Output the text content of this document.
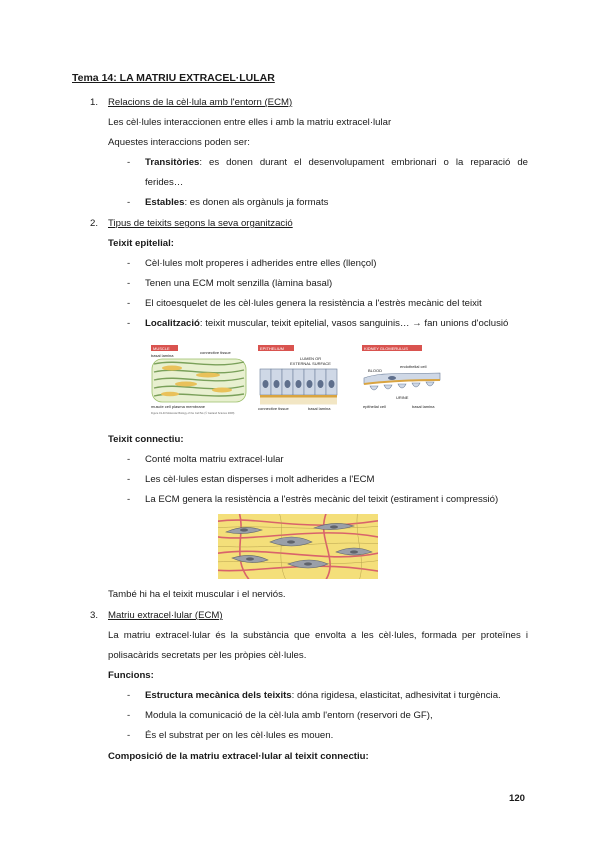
Tema 14: LA MATRIU EXTRACEL·LULAR
1. Relacions de la cèl·lula amb l'entorn (ECM)
Les cèl·lules interaccionen entre elles i amb la matriu extracel·lular
Aquestes interaccions poden ser:
- Transitòries: es donen durant el desenvolupament embrionari o la reparació de
ferides…
- Estables: es donen als orgànuls ja formats
2. Tipus de teixits segons la seva organització
Teixit epitelial:
- Cèl·lules molt properes i adherides entre elles (llençol)
- Tenen una ECM molt senzilla (làmina basal)
- El citoesquelet de les cèl·lules genera la resistència a l'estrès mecànic del teixit
- Localització: teixit muscular, teixit epitelial, vasos sanguinis… → fan unions d'oclusió
MUSCLE
basal lamina
connective tissue
muscle cell plasma membrane
Figure 19-40 Molecular Biology of the Cell 5/e (© Garland Science 2008)
EPITHELIUM
LUMEN OR
EXTERNAL SURFACE
connective tissue	basal lamina
KIDNEY GLOMERULUS
BLOOD
endothelial cell
URINE
epithelial cell	basal lamina
Teixit connectiu:
- Conté molta matriu extracel·lular
- Les cèl·lules estan disperses i molt adherides a l'ECM
- La ECM genera la resistència a l'estrès mecànic del teixit (estirament i compressió)
També hi ha el teixit muscular i el nerviós.
3. Matriu extracel·lular (ECM)
La matriu extracel·lular és la substància que envolta a les cèl·lules, formada per proteïnes i
polisacàrids secretats per les pròpies cèl·lules.
Funcions:
- Estructura mecànica dels teixits: dóna rigidesa, elasticitat, adhesivitat i turgència.
- Modula la comunicació de la cèl·lula amb l'entorn (reservori de GF),
- És el substrat per on les cèl·lules es mouen.
Composició de la matriu extracel·lular al teixit connectiu:
120
